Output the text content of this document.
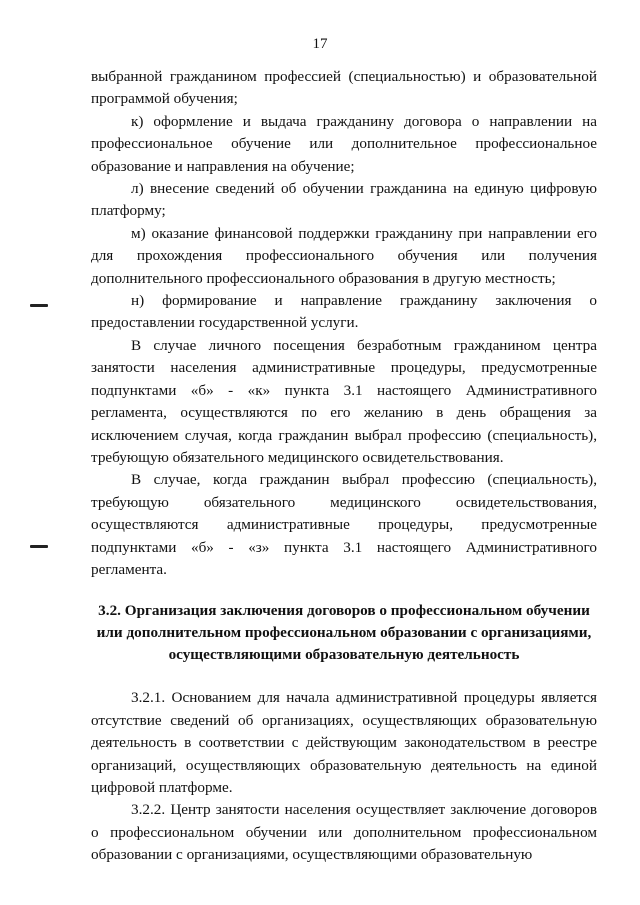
17

выбранной гражданином профессией (специальностью) и образовательной программой обучения;

к) оформление и выдача гражданину договора о направлении на профессиональное обучение или дополнительное профессиональное образование и направления на обучение;

л) внесение сведений об обучении гражданина на единую цифровую платформу;

м) оказание финансовой поддержки гражданину при направлении его для прохождения профессионального обучения или получения дополнительного профессионального образования в другую местность;

н) формирование и направление гражданину заключения о предоставлении государственной услуги.

В случае личного посещения безработным гражданином центра занятости населения административные процедуры, предусмотренные подпунктами «б» - «к» пункта 3.1 настоящего Административного регламента, осуществляются по его желанию в день обращения за исключением случая, когда гражданин выбрал профессию (специальность), требующую обязательного медицинского освидетельствования.

В случае, когда гражданин выбрал профессию (специальность), требующую обязательного медицинского освидетельствования, осуществляются административные процедуры, предусмотренные подпунктами «б» - «з» пункта 3.1 настоящего Административного регламента.

3.2. Организация заключения договоров о профессиональном обучении или дополнительном профессиональном образовании с организациями, осуществляющими образовательную деятельность

3.2.1. Основанием для начала административной процедуры является отсутствие сведений об организациях, осуществляющих образовательную деятельность в соответствии с действующим законодательством в реестре организаций, осуществляющих образовательную деятельность на единой цифровой платформе.

3.2.2. Центр занятости населения осуществляет заключение договоров о профессиональном обучении или дополнительном профессиональном образовании с организациями, осуществляющими образовательную
